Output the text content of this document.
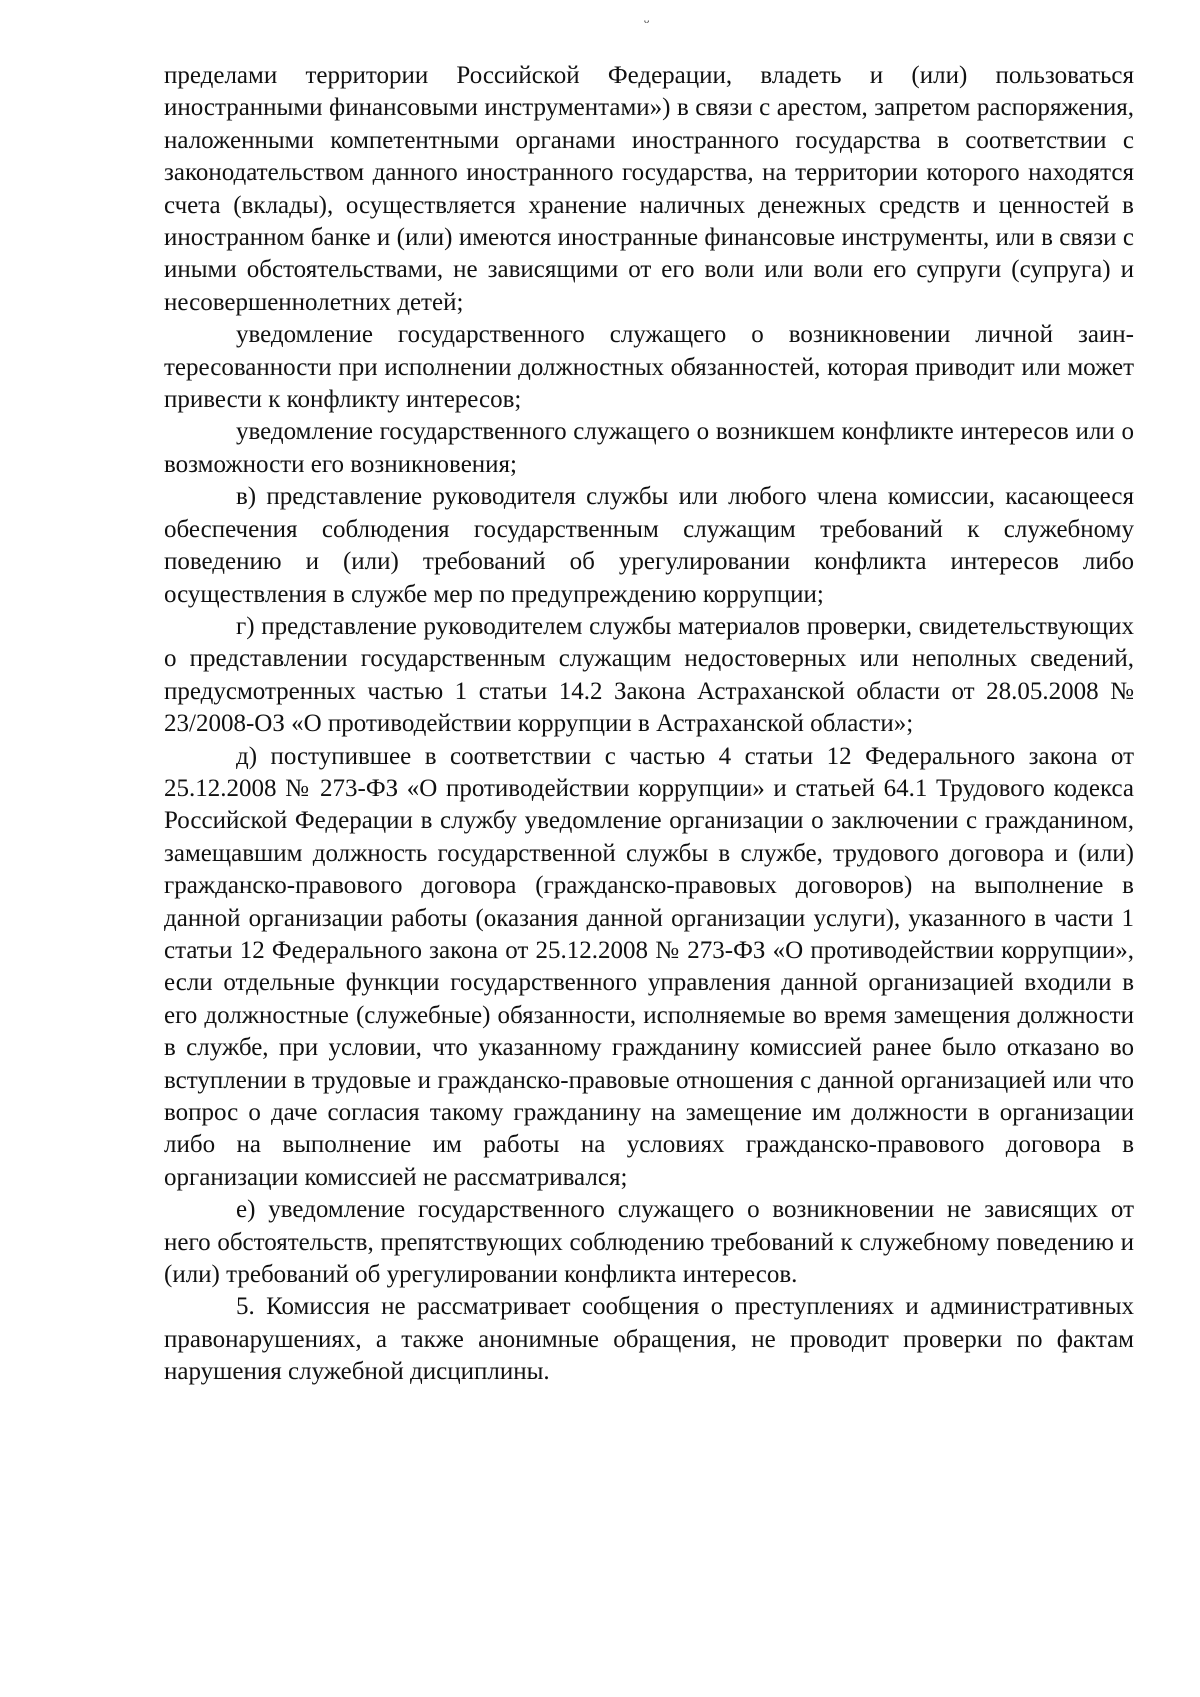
ᵕ

пределами территории Российской Федерации, владеть и (или) пользоваться иностранными финансовыми инструментами») в связи с арестом, запретом распоряжения, наложенными компетентными органами иностранного государства в соответствии с законодательством данного иностранного государства, на территории которого находятся счета (вклады), осуществляется хранение наличных денежных средств и ценностей в иностранном банке и (или) имеются иностранные финансовые инструменты, или в связи с иными обстоятельствами, не зависящими от его воли или воли его супруги (супруга) и несовершеннолетних детей;

уведомление государственного служащего о возникновении личной заинтересованности при исполнении должностных обязанностей, которая приводит или может привести к конфликту интересов;

уведомление государственного служащего о возникшем конфликте интересов или о возможности его возникновения;

в) представление руководителя службы или любого члена комиссии, касающееся обеспечения соблюдения государственным служащим требований к служебному поведению и (или) требований об урегулировании конфликта интересов либо осуществления в службе мер по предупреждению коррупции;

г) представление руководителем службы материалов проверки, свидетельствующих о представлении государственным служащим недостоверных или неполных сведений, предусмотренных частью 1 статьи 14.2 Закона Астраханской области от 28.05.2008 № 23/2008-ОЗ «О противодействии коррупции в Астраханской области»;

д) поступившее в соответствии с частью 4 статьи 12 Федерального закона от 25.12.2008 № 273-ФЗ «О противодействии коррупции» и статьей 64.1 Трудового кодекса Российской Федерации в службу уведомление организации о заключении с гражданином, замещавшим должность государственной службы в службе, трудового договора и (или) гражданско-правового договора (гражданско-правовых договоров) на выполнение в данной организации работы (оказания данной организации услуги), указанного в части 1 статьи 12 Федерального закона от 25.12.2008 № 273-ФЗ «О противодействии коррупции», если отдельные функции государственного управления данной организацией входили в его должностные (служебные) обязанности, исполняемые во время замещения должности в службе, при условии, что указанному гражданину комиссией ранее было отказано во вступлении в трудовые и гражданско-правовые отношения с данной организацией или что вопрос о даче согласия такому гражданину на замещение им должности в организации либо на выполнение им работы на условиях гражданско-правового договора в организации комиссией не рассматривался;

е) уведомление государственного служащего о возникновении не зависящих от него обстоятельств, препятствующих соблюдению требований к служебному поведению и (или) требований об урегулировании конфликта интересов.

5. Комиссия не рассматривает сообщения о преступлениях и административных правонарушениях, а также анонимные обращения, не проводит проверки по фактам нарушения служебной дисциплины.
